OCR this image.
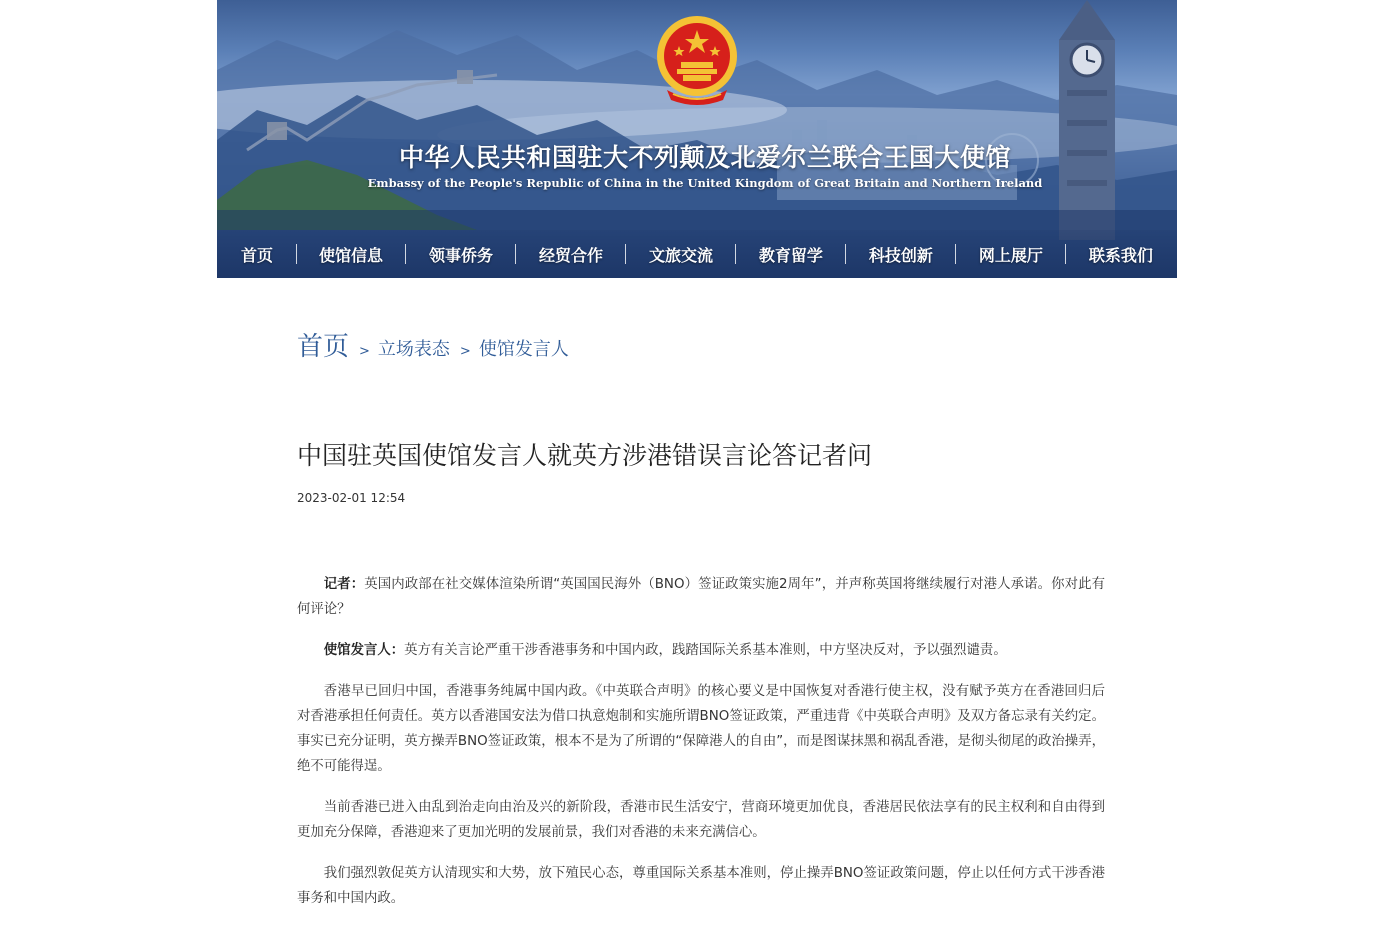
中华人民共和国驻大不列颠及北爱尔兰联合王国大使馆
Embassy of the People's Republic of China in the United Kingdom of Great Britain and Northern Ireland
首页	使馆信息	领事侨务	经贸合作	文旅交流	教育留学	科技创新	网上展厅	联系我们
首页 > 立场表态 > 使馆发言人
中国驻英国使馆发言人就英方涉港错误言论答记者问
2023-02-01 12:54

记者：英国内政部在社交媒体渲染所谓“英国国民海外（BNO）签证政策实施2周年”，并声称英国将继续履行对港人承诺。你对此有何评论？

使馆发言人：英方有关言论严重干涉香港事务和中国内政，践踏国际关系基本准则，中方坚决反对，予以强烈谴责。

香港早已回归中国，香港事务纯属中国内政。《中英联合声明》的核心要义是中国恢复对香港行使主权，没有赋予英方在香港回归后对香港承担任何责任。英方以香港国安法为借口执意炮制和实施所谓BNO签证政策，严重违背《中英联合声明》及双方备忘录有关约定。事实已充分证明，英方操弄BNO签证政策，根本不是为了所谓的“保障港人的自由”，而是图谋抹黑和祸乱香港，是彻头彻尾的政治操弄，绝不可能得逞。

当前香港已进入由乱到治走向由治及兴的新阶段，香港市民生活安宁，营商环境更加优良，香港居民依法享有的民主权利和自由得到更加充分保障，香港迎来了更加光明的发展前景，我们对香港的未来充满信心。

我们强烈敦促英方认清现实和大势，放下殖民心态，尊重国际关系基本准则，停止操弄BNO签证政策问题，停止以任何方式干涉香港事务和中国内政。
